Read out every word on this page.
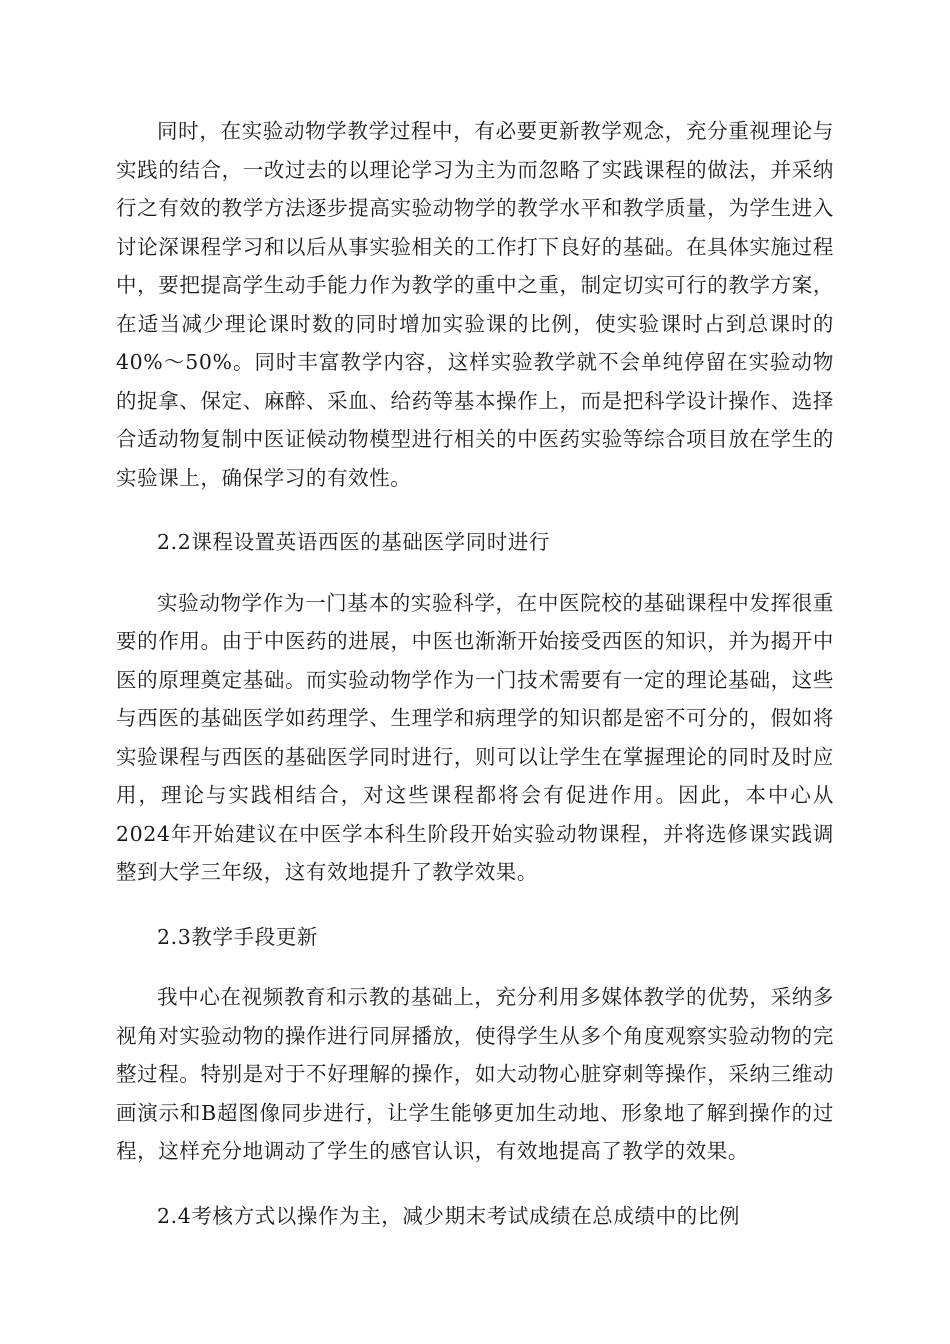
同时，在实验动物学教学过程中，有必要更新教学观念，充分重视理论与实践的结合，一改过去的以理论学习为主为而忽略了实践课程的做法，并采纳行之有效的教学方法逐步提高实验动物学的教学水平和教学质量，为学生进入讨论深课程学习和以后从事实验相关的工作打下良好的基础。在具体实施过程中，要把提高学生动手能力作为教学的重中之重，制定切实可行的教学方案，在适当减少理论课时数的同时增加实验课的比例，使实验课时占到总课时的40%～50%。同时丰富教学内容，这样实验教学就不会单纯停留在实验动物的捉拿、保定、麻醉、采血、给药等基本操作上，而是把科学设计操作、选择合适动物复制中医证候动物模型进行相关的中医药实验等综合项目放在学生的实验课上，确保学习的有效性。

2.2课程设置英语西医的基础医学同时进行

实验动物学作为一门基本的实验科学，在中医院校的基础课程中发挥很重要的作用。由于中医药的进展，中医也渐渐开始接受西医的知识，并为揭开中医的原理奠定基础。而实验动物学作为一门技术需要有一定的理论基础，这些与西医的基础医学如药理学、生理学和病理学的知识都是密不可分的，假如将实验课程与西医的基础医学同时进行，则可以让学生在掌握理论的同时及时应用，理论与实践相结合，对这些课程都将会有促进作用。因此，本中心从2024年开始建议在中医学本科生阶段开始实验动物课程，并将选修课实践调整到大学三年级，这有效地提升了教学效果。

2.3教学手段更新

我中心在视频教育和示教的基础上，充分利用多媒体教学的优势，采纳多视角对实验动物的操作进行同屏播放，使得学生从多个角度观察实验动物的完整过程。特别是对于不好理解的操作，如大动物心脏穿刺等操作，采纳三维动画演示和B超图像同步进行，让学生能够更加生动地、形象地了解到操作的过程，这样充分地调动了学生的感官认识，有效地提高了教学的效果。

2.4考核方式以操作为主，减少期末考试成绩在总成绩中的比例
